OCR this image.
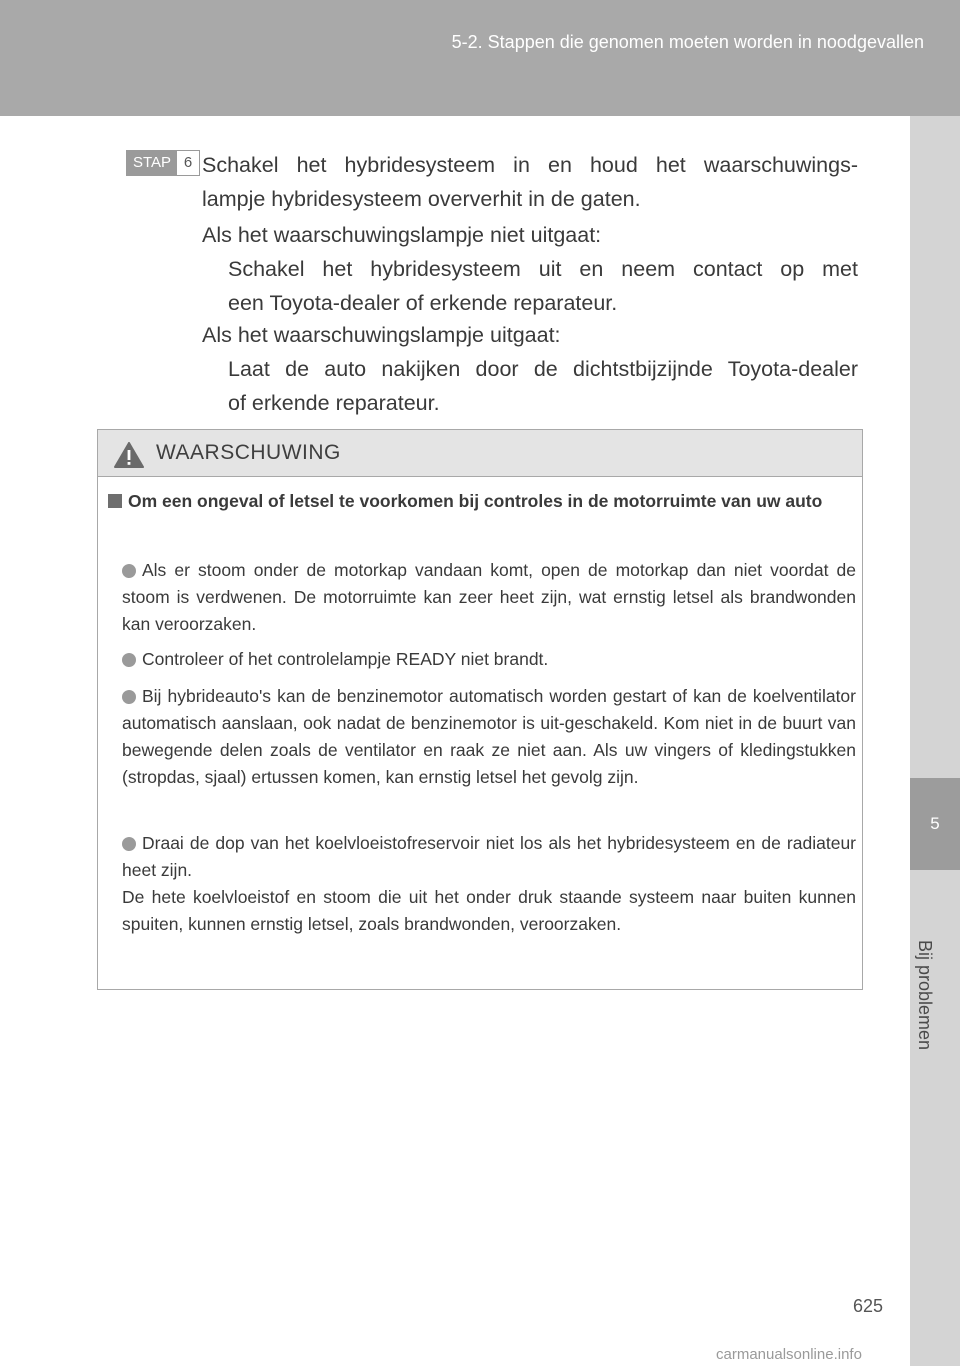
5-2. Stappen die genomen moeten worden in noodgevallen
5
Bij problemen
STAP 6 Schakel het hybridesysteem in en houd het waarschuwings-
lampje hybridesysteem oververhit in de gaten.
Als het waarschuwingslampje niet uitgaat:
Schakel het hybridesysteem uit en neem contact op met
een Toyota-dealer of erkende reparateur.
Als het waarschuwingslampje uitgaat:
Laat de auto nakijken door de dichtstbijzijnde Toyota-dealer
of erkende reparateur.
WAARSCHUWING
Om een ongeval of letsel te voorkomen bij controles in de motorruimte van uw auto
Als er stoom onder de motorkap vandaan komt, open de motorkap dan niet voordat de stoom is verdwenen. De motorruimte kan zeer heet zijn, wat ernstig letsel als brandwonden kan veroorzaken.
Controleer of het controlelampje READY niet brandt.
Bij hybrideauto's kan de benzinemotor automatisch worden gestart of kan de koelventilator automatisch aanslaan, ook nadat de benzinemotor is uit-geschakeld. Kom niet in de buurt van bewegende delen zoals de ventilator en raak ze niet aan. Als uw vingers of kledingstukken (stropdas, sjaal) ertussen komen, kan ernstig letsel het gevolg zijn.
Draai de dop van het koelvloeistofreservoir niet los als het hybridesysteem en de radiateur heet zijn.
De hete koelvloeistof en stoom die uit het onder druk staande systeem naar buiten kunnen spuiten, kunnen ernstig letsel, zoals brandwonden, veroorzaken.
625
carmanualsonline.info
